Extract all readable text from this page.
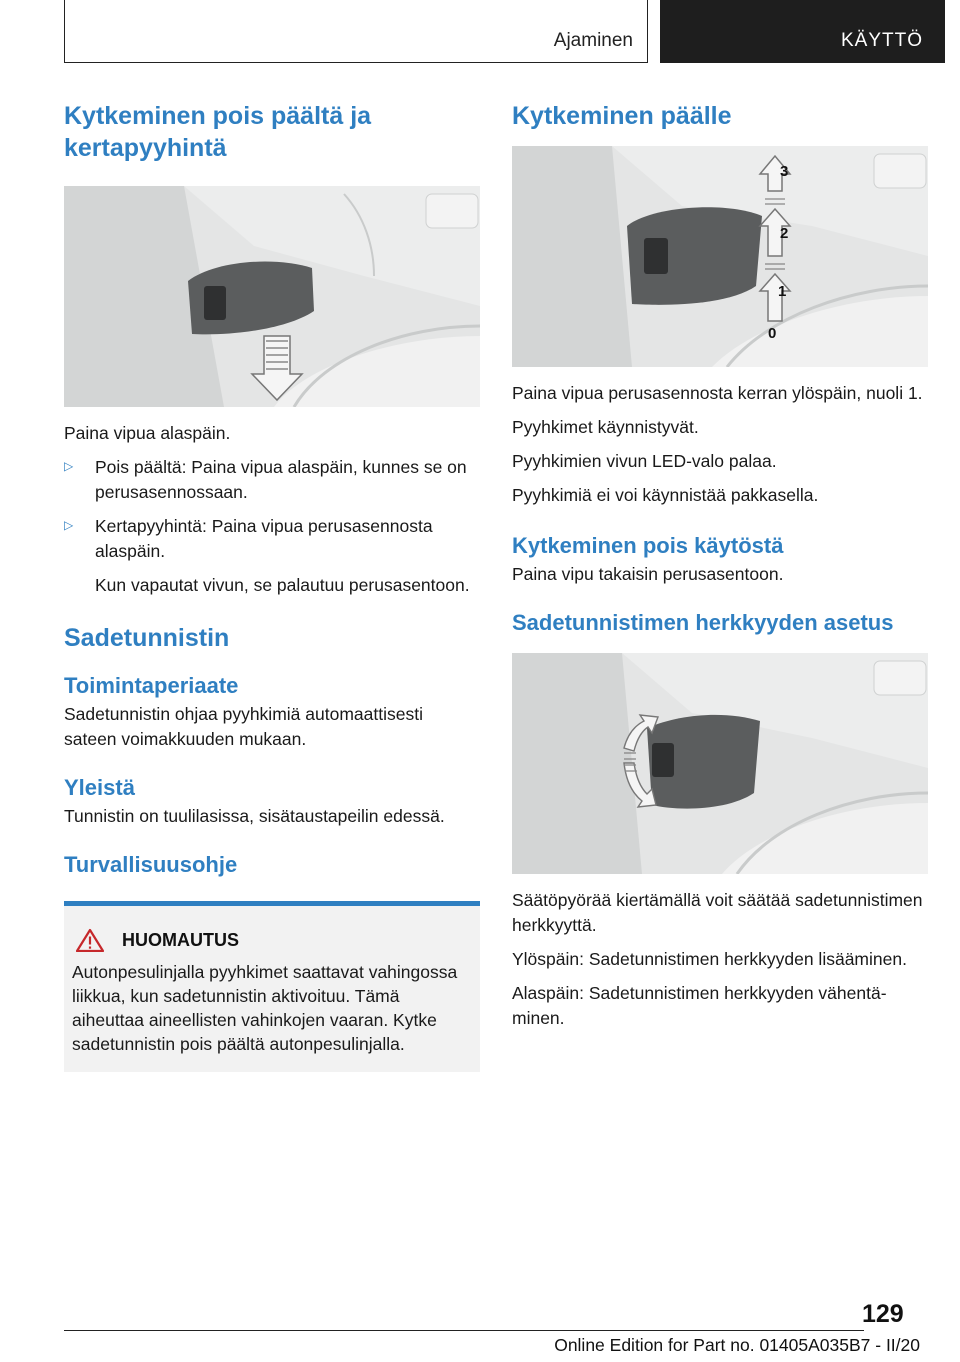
Ajaminen	KÄYTTÖ
Kytkeminen pois päältä ja kertapyyhintä

Paina vipua alaspäin.

▷ Pois päältä: Paina vipua alaspäin, kunnes se on perusasennossaan.

▷ Kertapyyhintä: Paina vipua perusasennosta alaspäin.

Kun vapautat vivun, se palautuu perusasentoon.

Sadetunnistin
Toimintaperiaate

Sadetunnistin ohjaa pyyhkimiä automaattisesti sateen voimakkuuden mukaan.

Yleistä

Tunnistin on tuulilasissa, sisätaustapeilin edessä.

Turvallisuusohje
HUOMAUTUS

Autonpesulinjalla pyyhkimet saattavat vahingossa liikkua, kun sadetunnistin aktivoituu. Tämä aiheuttaa aineellisten vahinkojen vaaran. Kytke sadetunnistin pois päältä autonpesulinjalla.

Kytkeminen päälle
3
2
1
0

Paina vipua perusasennosta kerran ylöspäin, nuoli 1.

Pyyhkimet käynnistyvät.

Pyyhkimien vivun LED-valo palaa.

Pyyhkimiä ei voi käynnistää pakkasella.

Kytkeminen pois käytöstä

Paina vipu takaisin perusasentoon.

Sadetunnistimen herkkyyden asetus

Säätöpyörää kiertämällä voit säätää sadetunnistimen herkkyyttä.

Ylöspäin: Sadetunnistimen herkkyyden lisääminen.

Alaspäin: Sadetunnistimen herkkyyden vähentäminen.

129
Online Edition for Part no. 01405A035B7 - II/20
